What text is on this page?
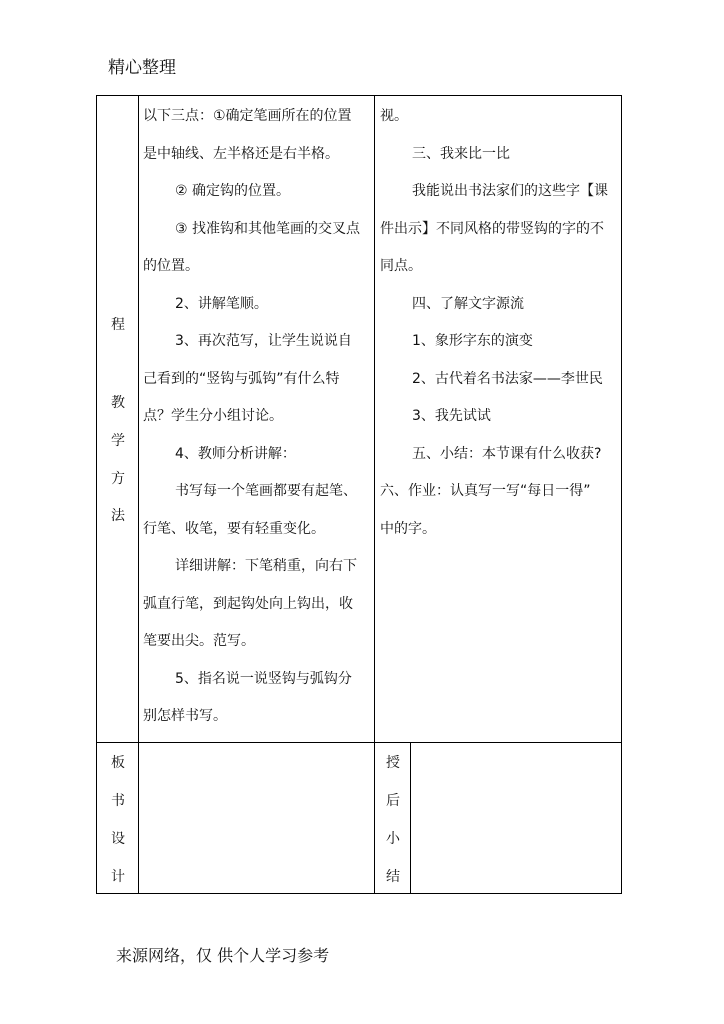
精心整理
程
教
学
方
法

以下三点：①确定笔画所在的位置

是中轴线、左半格还是右半格。

② 确定钩的位置。

③ 找准钩和其他笔画的交叉点

的位置。

2、讲解笔顺。

3、再次范写，让学生说说自

己看到的“竖钩与弧钩”有什么特

点？学生分小组讨论。

4、教师分析讲解：

书写每一个笔画都要有起笔、

行笔、收笔，要有轻重变化。

详细讲解：下笔稍重，向右下

弧直行笔，到起钩处向上钩出，收

笔要出尖。范写。

5、指名说一说竖钩与弧钩分

别怎样书写。

视。

三、我来比一比

我能说出书法家们的这些字【课

件出示】不同风格的带竖钩的字的不

同点。

四、了解文字源流

1、象形字东的演变

2、古代着名书法家——李世民

3、我先试试

五、小结：本节课有什么收获?

六、作业：认真写一写“每日一得”

中的字。

板
书
设
计
授
后
小
结
来源网络，仅 供个人学习参考
